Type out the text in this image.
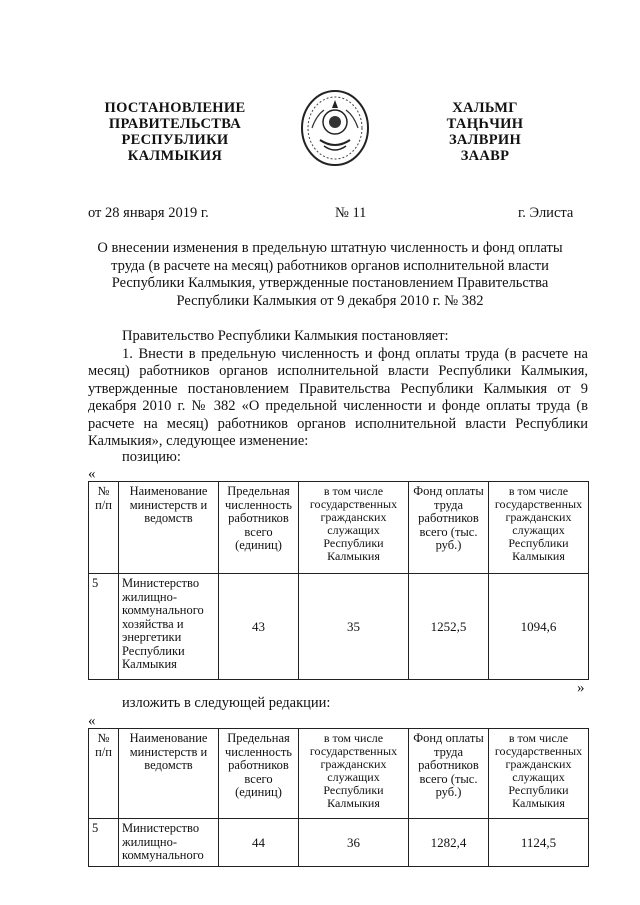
ПОСТАНОВЛЕНИЕ
ПРАВИТЕЛЬСТВА
РЕСПУБЛИКИ
КАЛМЫКИЯ
ХАЛЬМГ
ТАҢҺЧИН
ЗАЛВРИН
ЗААВР
от 28 января 2019 г.	№ 11	г. Элиста
О внесении изменения в предельную штатную численность и фонд оплаты
труда (в расчете на месяц) работников органов исполнительной власти
Республики Калмыкия, утвержденные постановлением Правительства
Республики Калмыкия от 9 декабря 2010 г. № 382

Правительство Республики Калмыкия постановляет:

1. Внести в предельную численность и фонд оплаты труда (в расчете на месяц) работников органов исполнительной власти Республики Калмыкия, утвержденные постановлением Правительства Республики Калмыкия от 9 декабря 2010 г. № 382 «О предельной численности и фонде оплаты труда (в расчете на месяц) работников органов исполнительной власти Республики Калмыкия», следующее изменение:

позицию:
«
№ п/п	Наименование министерств и ведомств	Предельная численность работников всего (единиц)	в том числе государственных гражданских служащих Республики Калмыкия	Фонд оплаты труда работников всего (тыс. руб.)	в том числе государственных гражданских служащих Республики Калмыкия
5	Министерство жилищно-коммунального хозяйства и энергетики Республики Калмыкия	43	35	1252,5	1094,6
»
изложить в следующей редакции:
«
№ п/п	Наименование министерств и ведомств	Предельная численность работников всего (единиц)	в том числе государственных гражданских служащих Республики Калмыкия	Фонд оплаты труда работников всего (тыс. руб.)	в том числе государственных гражданских служащих Республики Калмыкия
5	Министерство жилищно-коммунального	44	36	1282,4	1124,5
